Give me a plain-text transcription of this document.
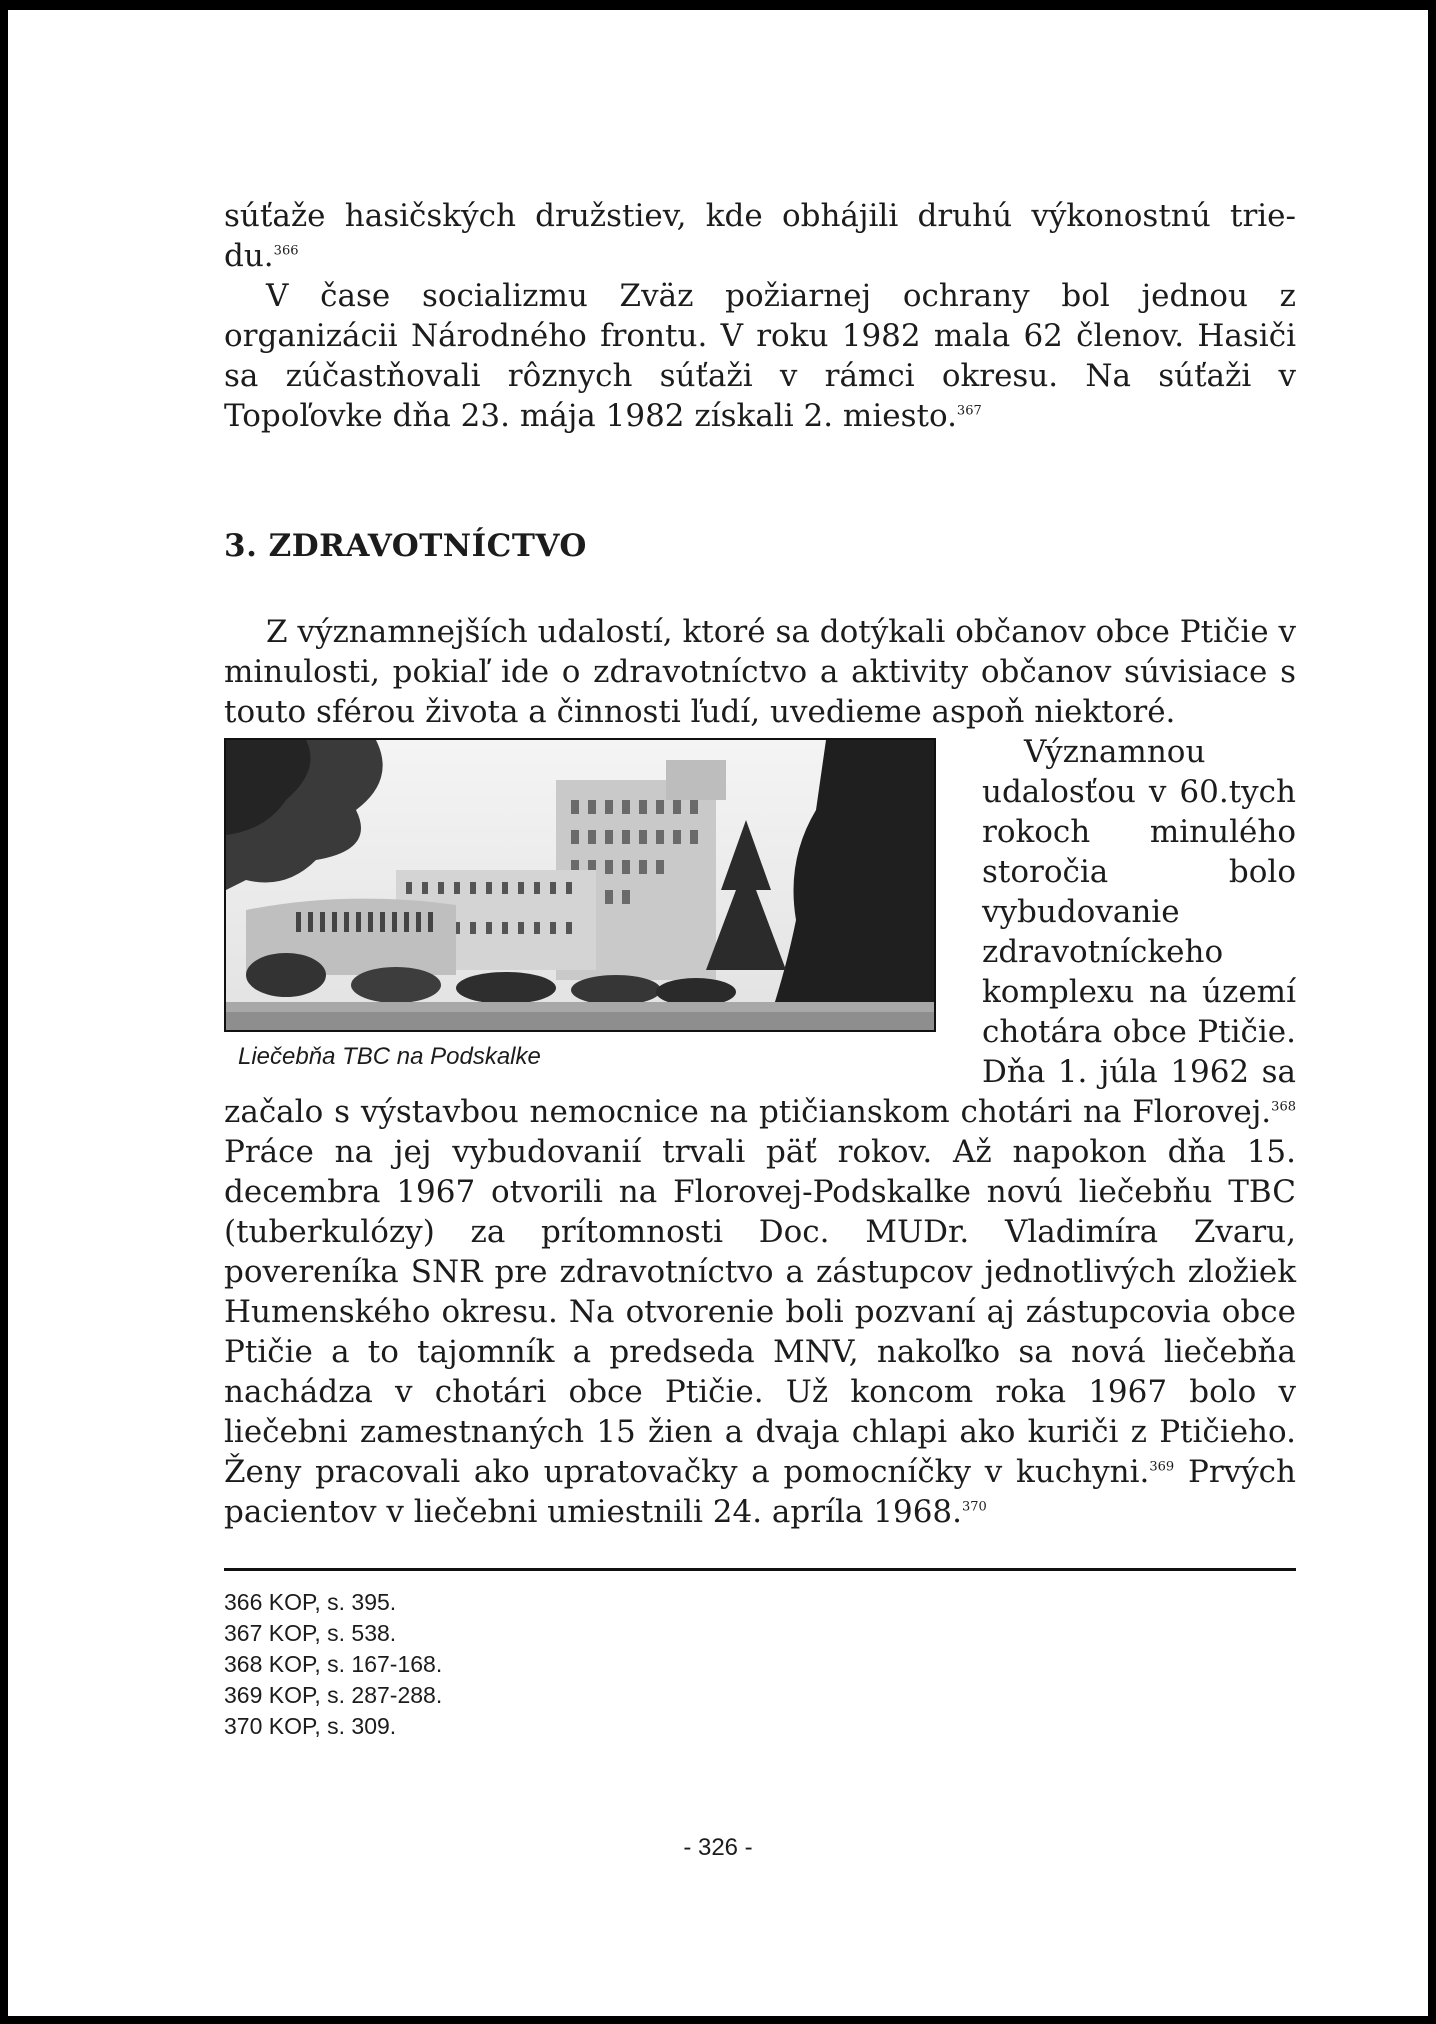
súťaže hasičských družstiev, kde obhájili druhú výkonostnú trie-du.$^{366}$

V čase socializmu Zväz požiarnej ochrany bol jednou z organizácii Národného frontu. V roku 1982 mala 62 členov. Hasiči sa zúčastňovali rôznych súťaži v rámci okresu. Na súťaži v Topoľovke dňa 23. mája 1982 získali 2. miesto.$^{367}$

3. ZDRAVOTNÍCTVO

Z významnejších udalostí, ktoré sa dotýkali občanov obce Ptičie v minulosti, pokiaľ ide o zdravotníctvo a aktivity občanov súvisiace s touto sférou života a činnosti ľudí, uvedieme aspoň niektoré.

Liečebňa TBC na Podskalke

Významnou udalosťou v 60.tych rokoch minulého storočia bolo vybudovanie zdravotníckeho komplexu na území chotára obce Ptičie. Dňa 1. júla 1962 sa začalo s výstavbou nemocnice na ptičianskom chotári na Florovej.$^{368}$ Práce na jej vybudovanií trvali päť rokov. Až napokon dňa 15. decembra 1967 otvorili na Florovej-Podskalke novú liečebňu TBC (tuberkulózy) za prítomnosti Doc. MUDr. Vladimíra Zvaru, povereníka SNR pre zdravotníctvo a zástupcov jednotlivých zložiek Humenského okresu. Na otvorenie boli pozvaní aj zástupcovia obce Ptičie a to tajomník a predseda MNV, nakoľko sa nová liečebňa nachádza v chotári obce Ptičie. Už koncom roka 1967 bolo v liečebni zamestnaných 15 žien a dvaja chlapi ako kuriči z Ptičieho. Ženy pracovali ako upratovačky a pomocníčky v kuchyni.$^{369}$ Prvých pacientov v liečebni umiestnili 24. apríla 1968.$^{370}$

366 KOP, s. 395.
367 KOP, s. 538.
368 KOP, s. 167-168.
369 KOP, s. 287-288.
370 KOP, s. 309.
- 326 -
